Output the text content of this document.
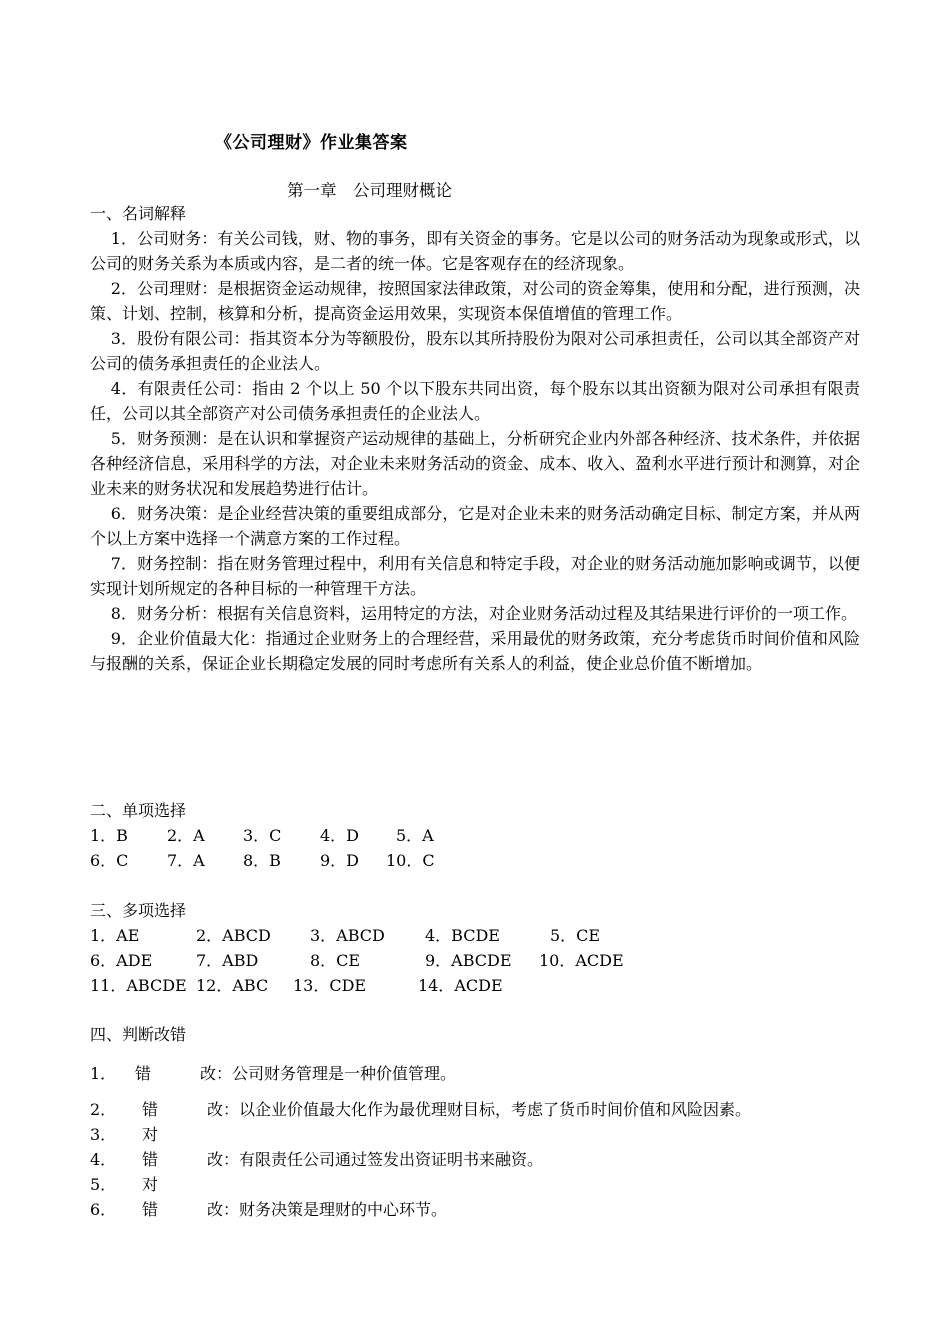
《公司理财》作业集答案
第一章　公司理财概论

一、名词解释

1．公司财务：有关公司钱，财、物的事务，即有关资金的事务。它是以公司的财务活动为现象或形式，以公司的财务关系为本质或内容，是二者的统一体。它是客观存在的经济现象。

2．公司理财：是根据资金运动规律，按照国家法律政策，对公司的资金筹集，使用和分配，进行预测，决策、计划、控制，核算和分析，提高资金运用效果，实现资本保值增值的管理工作。

3．股份有限公司：指其资本分为等额股份，股东以其所持股份为限对公司承担责任，公司以其全部资产对公司的债务承担责任的企业法人。

4．有限责任公司：指由 2 个以上 50 个以下股东共同出资，每个股东以其出资额为限对公司承担有限责任，公司以其全部资产对公司债务承担责任的企业法人。

5．财务预测：是在认识和掌握资产运动规律的基础上，分析研究企业内外部各种经济、技术条件，并依据各种经济信息，采用科学的方法，对企业未来财务活动的资金、成本、收入、盈利水平进行预计和测算，对企业未来的财务状况和发展趋势进行估计。

6．财务决策：是企业经营决策的重要组成部分，它是对企业未来的财务活动确定目标、制定方案，并从两个以上方案中选择一个满意方案的工作过程。

7．财务控制：指在财务管理过程中，利用有关信息和特定手段，对企业的财务活动施加影响或调节，以便实现计划所规定的各种目标的一种管理干方法。

8．财务分析：根据有关信息资料，运用特定的方法，对企业财务活动过程及其结果进行评价的一项工作。

9．企业价值最大化：指通过企业财务上的合理经营，采用最优的财务政策，充分考虑货币时间价值和风险与报酬的关系，保证企业长期稳定发展的同时考虑所有关系人的利益，使企业总价值不断增加。

二、单项选择
1．B	2．A	3．C	4．D	5．A
6．C	7．A	8．B	9．D	10．C
三、多项选择
1．AE	2．ABCD	3．ABCD	4．BCDE	5．CE
6．ADE	7．ABD	8．CE	9．ABCDE	10．ACDE
11．ABCDE 12．ABC	13．CDE	14．ACDE
四、判断改错
1．	错	改：公司财务管理是一种价值管理。
2．	错	改：以企业价值最大化作为最优理财目标，考虑了货币时间价值和风险因素。
3．	对
4．	错	改：有限责任公司通过签发出资证明书来融资。
5．	对
6．	错	改：财务决策是理财的中心环节。
